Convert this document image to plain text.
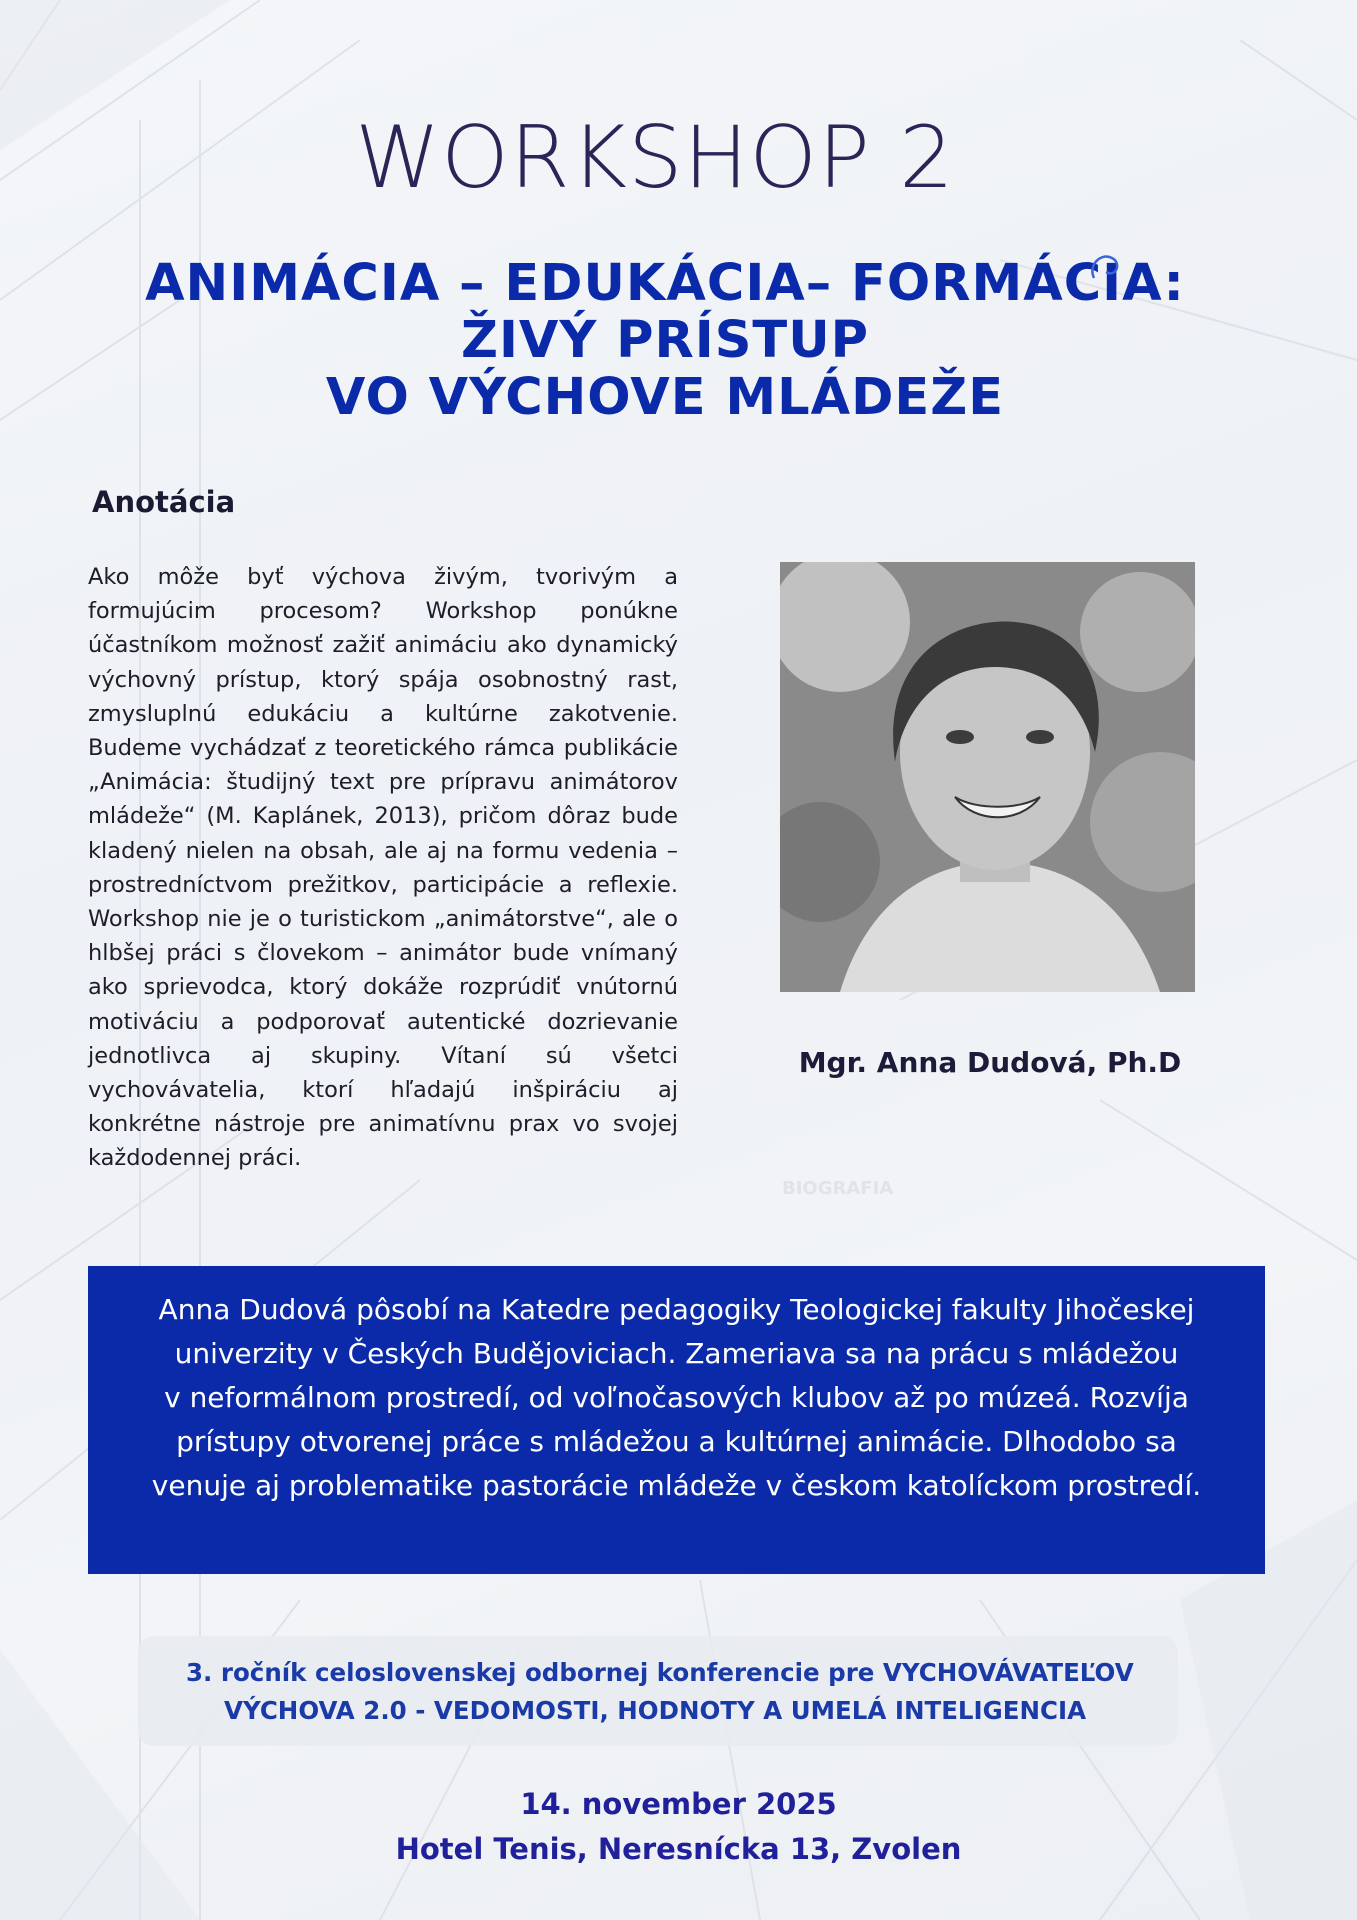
WORKSHOP 2
ANIMÁCIA – EDUKÁCIA– FORMÁCIA:
ŽIVÝ PRÍSTUP
VO VÝCHOVE MLÁDEŽE
Anotácia
Ako môže byť výchova živým, tvorivým a formujúcim procesom? Workshop ponúkne účastníkom možnosť zažiť animáciu ako dynamický výchovný prístup, ktorý spája osobnostný rast, zmysluplnú edukáciu a kultúrne zakotvenie. Budeme vychádzať z teoretického rámca publikácie „Animácia: študijný text pre prípravu animátorov mládeže“ (M. Kaplánek, 2013), pričom dôraz bude kladený nielen na obsah, ale aj na formu vedenia – prostredníctvom prežitkov, participácie a reflexie. Workshop nie je o turistickom „animátorstve“, ale o hlbšej práci s človekom – animátor bude vnímaný ako sprievodca, ktorý dokáže rozprúdiť vnútornú motiváciu a podporovať autentické dozrievanie jednotlivca aj skupiny. Vítaní sú všetci vychovávatelia, ktorí hľadajú inšpiráciu aj konkrétne nástroje pre animatívnu prax vo svojej každodennej práci.
Mgr. Anna Dudová, Ph.D
BIOGRAFIA
Anna Dudová pôsobí na Katedre pedagogiky Teologickej fakulty Jihočeskej
univerzity v Českých Budějoviciach. Zameriava sa na prácu s mládežou
v neformálnom prostredí, od voľnočasových klubov až po múzeá. Rozvíja
prístupy otvorenej práce s mládežou a kultúrnej animácie. Dlhodobo sa
venuje aj problematike pastorácie mládeže v českom katolíckom prostredí.
3. ročník celoslovenskej odbornej konferencie pre VYCHOVÁVATEĽOV
VÝCHOVA 2.0 - VEDOMOSTI, HODNOTY A UMELÁ INTELIGENCIA
14. november 2025
Hotel Tenis, Neresnícka 13, Zvolen
